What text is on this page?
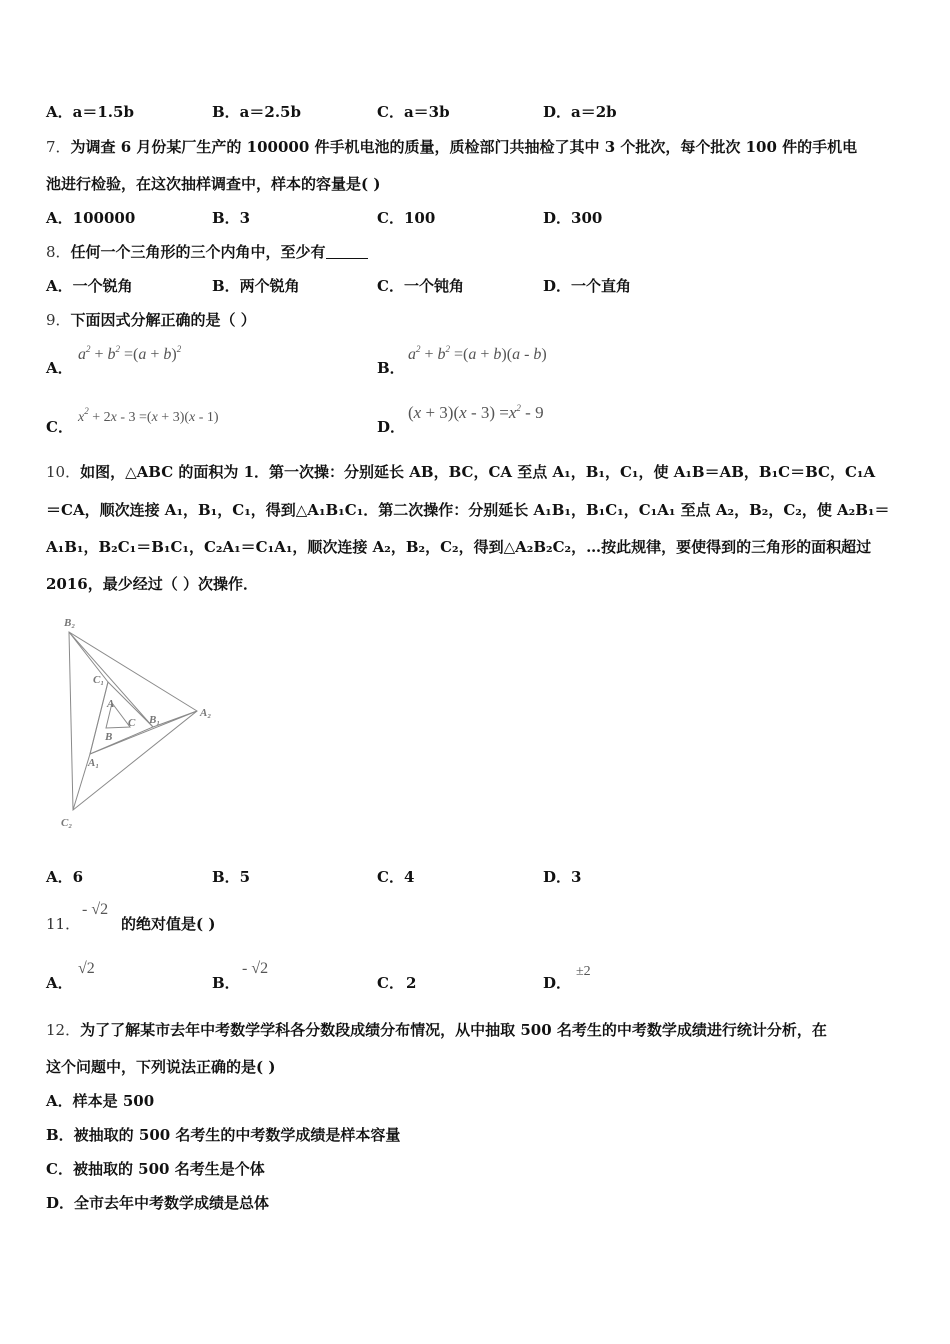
A．a＝1.5b	B．a＝2.5b	C．a＝3b	D．a＝2b
7．为调查 6 月份某厂生产的 100000 件手机电池的质量，质检部门共抽检了其中 3 个批次，每个批次 100 件的手机电
池进行检验，在这次抽样调查中，样本的容量是( )
A．100000	B．3	C．100	D．300
8．任何一个三角形的三个内角中，至少有
A．一个锐角	B．两个锐角	C．一个钝角	D．一个直角
9．下面因式分解正确的是（ ）
A．
$a^2 + b^2 =(a + b)^2$
B．
$a^2 + b^2 =(a + b)(a - b)$
C．
$x^2 + 2x - 3 =(x + 3)(x - 1)$
D．
$(x + 3)(x - 3) =x^2 - 9$
10．如图，△ABC 的面积为 1．第一次操：分别延长 AB，BC，CA 至点 A₁，B₁，C₁，使 A₁B＝AB，B₁C＝BC，C₁A
＝CA，顺次连接 A₁，B₁，C₁，得到△A₁B₁C₁．第二次操作：分别延长 A₁B₁，B₁C₁，C₁A₁ 至点 A₂，B₂，C₂，使 A₂B₁＝
A₁B₁，B₂C₁＝B₁C₁，C₂A₁＝C₁A₁，顺次连接 A₂，B₂，C₂，得到△A₂B₂C₂，…按此规律，要使得到的三角形的面积超过
2016，最少经过（ ）次操作．
B₂
C₁
A
C B₁
A₂
B
A₁
C₂
A．6	B．5	C．4	D．3
11．
- √2
的绝对值是( )
A．
√2
B．
- √2
C． 2	D．
±2
12．为了了解某市去年中考数学学科各分数段成绩分布情况，从中抽取 500 名考生的中考数学成绩进行统计分析，在
这个问题中，下列说法正确的是( )
A．样本是 500
B．被抽取的 500 名考生的中考数学成绩是样本容量
C．被抽取的 500 名考生是个体
D．全市去年中考数学成绩是总体
